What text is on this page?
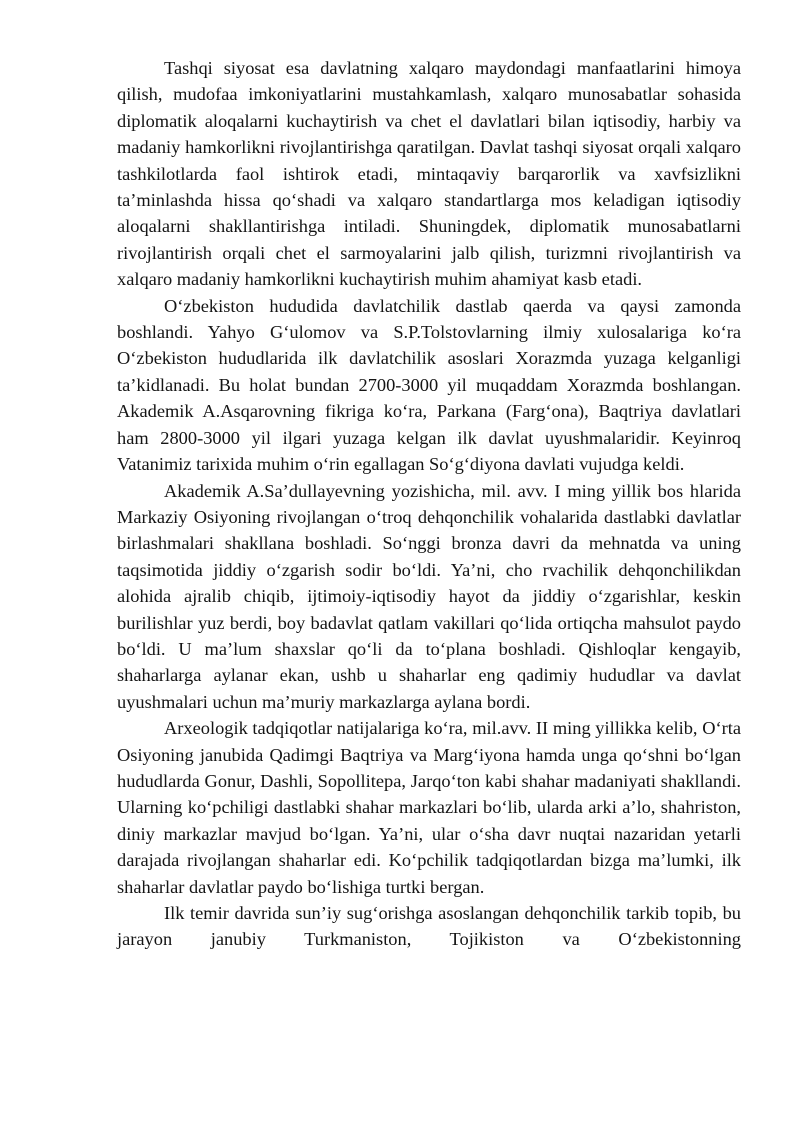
Tashqi siyosat esa davlatning xalqaro maydondagi manfaatlarini himoya qilish, mudofaa imkoniyatlarini mustahkamlash, xalqaro munosabatlar sohasida diplomatik aloqalarni kuchaytirish va chet el davlatlari bilan iqtisodiy, harbiy va madaniy hamkorlikni rivojlantirishga qaratilgan. Davlat tashqi siyosat orqali xalqaro tashkilotlarda faol ishtirok etadi, mintaqaviy barqarorlik va xavfsizlikni ta’minlashda hissa qo‘shadi va xalqaro standartlarga mos keladigan iqtisodiy aloqalarni shakllantirishga intiladi. Shuningdek, diplomatik munosabatlarni rivojlantirish orqali chet el sarmoyalarini jalb qilish, turizmni rivojlantirish va xalqaro madaniy hamkorlikni kuchaytirish muhim ahamiyat kasb etadi.

O‘zbekiston hududida davlatchilik dastlab qaerda va qaysi zamonda boshlandi. Yahyo G‘ulomov va S.P.Tolstovlarning ilmiy xulosalariga ko‘ra O‘zbekiston hududlarida ilk davlatchilik asoslari Xorazmda yuzaga kelganligi ta’kidlanadi. Bu holat bundan 2700-3000 yil muqaddam Xorazmda boshlangan. Akademik A.Asqarovning fikriga ko‘ra, Parkana (Farg‘ona), Baqtriya davlatlari ham 2800-3000 yil ilgari yuzaga kelgan ilk davlat uyushmalaridir. Keyinroq Vatanimiz tarixida muhim o‘rin egallagan So‘g‘diyona davlati vujudga keldi.

Akademik A.Sa’dullayevning yozishicha, mil. avv. I ming yillik bos hlarida Markaziy Osiyoning rivojlangan o‘troq dehqonchilik vohalarida dastlabki davlatlar birlashmalari shakllana boshladi. So‘nggi bronza davri da mehnatda va uning taqsimotida jiddiy o‘zgarish sodir bo‘ldi. Ya’ni, cho rvachilik dehqonchilikdan alohida ajralib chiqib, ijtimoiy-iqtisodiy hayot da jiddiy o‘zgarishlar, keskin burilishlar yuz berdi, boy badavlat qatlam vakillari qo‘lida ortiqcha mahsulot paydo bo‘ldi. U ma’lum shaxslar qo‘li da to‘plana boshladi. Qishloqlar kengayib, shaharlarga aylanar ekan, ushb u shaharlar eng qadimiy hududlar va davlat uyushmalari uchun ma’muriy markazlarga aylana bordi.

Arxeologik tadqiqotlar natijalariga ko‘ra, mil.avv. II ming yillikka kelib, O‘rta Osiyoning janubida Qadimgi Baqtriya va Marg‘iyona hamda unga qo‘shni bo‘lgan hududlarda Gonur, Dashli, Sopollitepa, Jarqo‘ton kabi shahar madaniyati shakllandi. Ularning ko‘pchiligi dastlabki shahar markazlari bo‘lib, ularda arki a’lo, shahriston, diniy markazlar mavjud bo‘lgan. Ya’ni, ular o‘sha davr nuqtai nazaridan yetarli darajada rivojlangan shaharlar edi. Ko‘pchilik tadqiqotlardan bizga ma’lumki, ilk shaharlar davlatlar paydo bo‘lishiga turtki bergan.

Ilk temir davrida sun’iy sug‘orishga asoslangan dehqonchilik tarkib topib, bu jarayon janubiy Turkmaniston, Tojikiston va O‘zbekistonning
